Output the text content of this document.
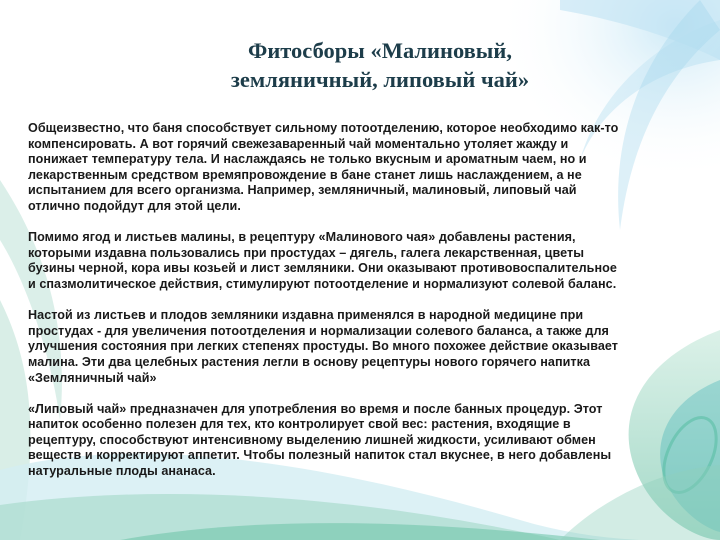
Фитосборы «Малиновый,
земляничный, липовый чай»
Общеизвестно, что баня способствует сильному потоотделению, которое необходимо как-то
компенсировать. А вот горячий свежезаваренный чай моментально утоляет жажду и
понижает температуру тела. И наслаждаясь не только вкусным и ароматным чаем, но и
лекарственным средством времяпровождение в бане станет лишь наслаждением, а не
испытанием для всего организма. Например, земляничный, малиновый, липовый чай
отлично подойдут для этой цели.
Помимо ягод и листьев малины, в рецептуру «Малинового чая» добавлены растения,
которыми издавна пользовались при простудах – дягель, галега лекарственная, цветы
бузины черной, кора ивы козьей и лист земляники. Они оказывают противовоспалительное
и спазмолитическое действия, стимулируют потоотделение и нормализуют солевой баланс.
Настой из листьев и плодов земляники издавна применялся в народной медицине при
простудах - для увеличения потоотделения и нормализации солевого баланса, а также для
улучшения состояния при легких степенях простуды. Во много похожее действие оказывает
малина. Эти два целебных растения легли в основу рецептуры нового горячего напитка
«Земляничный чай»
«Липовый чай» предназначен для употребления во время и после банных процедур. Этот
напиток особенно полезен для тех, кто контролирует свой вес: растения, входящие в
рецептуру, способствуют интенсивному выделению лишней жидкости, усиливают обмен
веществ и корректируют аппетит. Чтобы полезный напиток стал вкуснее, в него добавлены
натуральные плоды ананаса.
